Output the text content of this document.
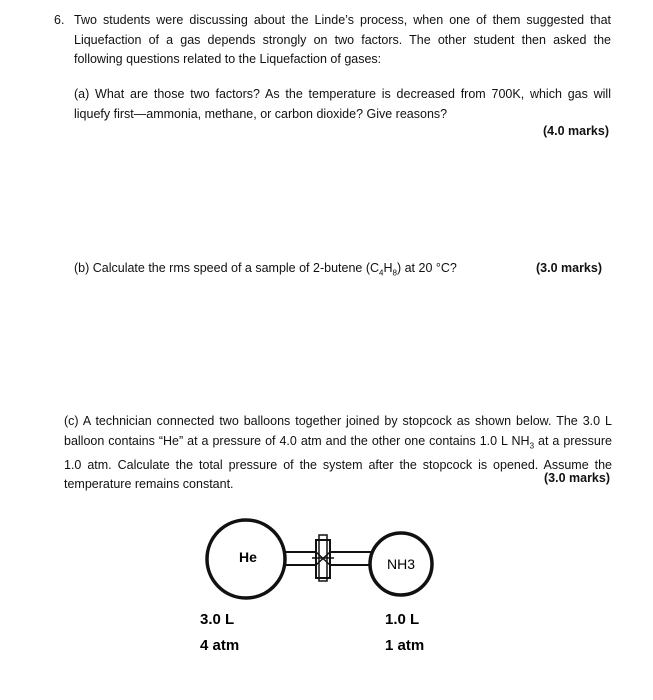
6. Two students were discussing about the Linde’s process, when one of them suggested that Liquefaction of a gas depends strongly on two factors. The other student then asked the following questions related to the Liquefaction of gases:
(a) What are those two factors? As the temperature is decreased from 700K, which gas will liquefy first—ammonia, methane, or carbon dioxide? Give reasons?
(4.0 marks)
(b) Calculate the rms speed of a sample of 2-butene $(C_4H_8)$ at 20 °C?	(3.0 marks)
(c) A technician connected two balloons together joined by stopcock as shown below. The 3.0 L balloon contains “He” at a pressure of 4.0 atm and the other one contains 1.0 L $NH_3$ at a pressure 1.0 atm. Calculate the total pressure of the system after the stopcock is opened. Assume the temperature remains constant.	(3.0 marks)
He	NH3
3.0 L
4 atm
1.0 L
1 atm
